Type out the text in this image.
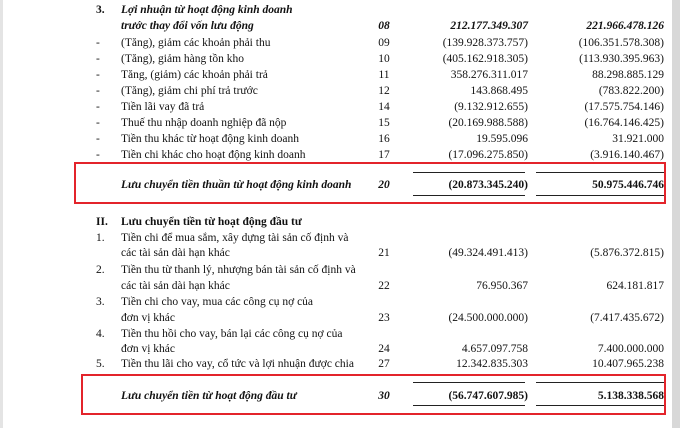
3. Lợi nhuận từ hoạt động kinh doanh
trước thay đổi vốn lưu động	08	212.177.349.307	221.966.478.126
- (Tăng), giảm các khoản phải thu	09	(139.928.373.757)	(106.351.578.308)
- (Tăng), giảm hàng tồn kho	10	(405.162.918.305)	(113.930.395.963)
- Tăng, (giảm) các khoản phải trả	11	358.276.311.017	88.298.885.129
- (Tăng), giảm chi phí trả trước	12	143.868.495	(783.822.200)
- Tiền lãi vay đã trả	14	(9.132.912.655)	(17.575.754.146)
- Thuế thu nhập doanh nghiệp đã nộp	15	(20.169.988.588)	(16.764.146.425)
- Tiền thu khác từ hoạt động kinh doanh	16	19.595.096	31.921.000
- Tiền chi khác cho hoạt động kinh doanh	17	(17.096.275.850)	(3.916.140.467)
Lưu chuyển tiền thuần từ hoạt động kinh doanh	20	(20.873.345.240)	50.975.446.746
II. Lưu chuyển tiền từ hoạt động đầu tư
1. Tiền chi để mua sắm, xây dựng tài sản cố định và
các tài sản dài hạn khác	21	(49.324.491.413)	(5.876.372.815)
2. Tiền thu từ thanh lý, nhượng bán tài sản cố định và
các tài sản dài hạn khác	22	76.950.367	624.181.817
3. Tiền chi cho vay, mua các công cụ nợ của
đơn vị khác	23	(24.500.000.000)	(7.417.435.672)
4. Tiền thu hồi cho vay, bán lại các công cụ nợ của
đơn vị khác	24	4.657.097.758	7.400.000.000
5. Tiền thu lãi cho vay, cổ tức và lợi nhuận được chia	27	12.342.835.303	10.407.965.238
Lưu chuyển tiền từ hoạt động đầu tư	30	(56.747.607.985)	5.138.338.568
